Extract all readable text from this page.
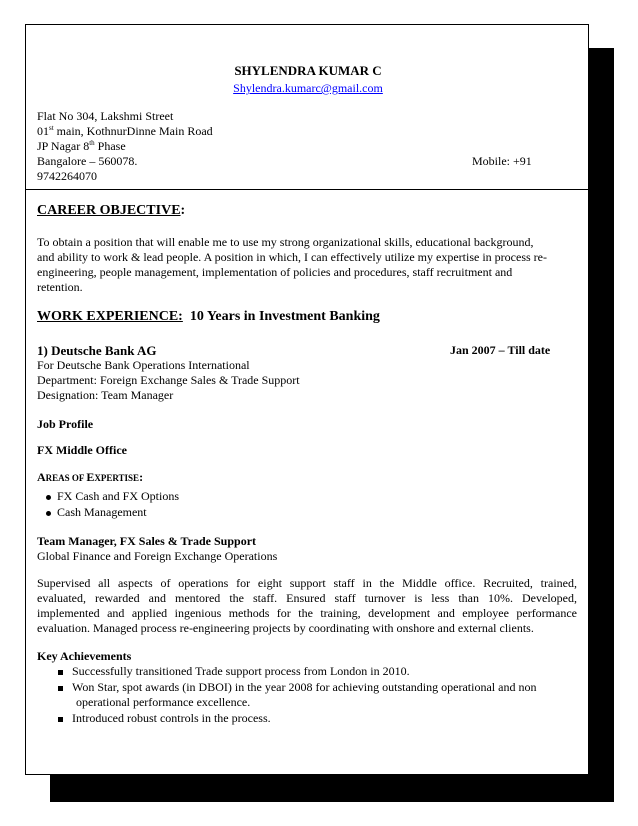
SHYLENDRA KUMAR C
Shylendra.kumarc@gmail.com
Flat No 304, Lakshmi Street
01st main, KothnurDinne Main Road
JP Nagar 8th Phase
Bangalore – 560078.	Mobile: +91
9742264070
CAREER OBJECTIVE:
To obtain a position that will enable me to use my strong organizational skills, educational background,
and ability to work & lead people. A position in which, I can effectively utilize my expertise in process re-
engineering, people management, implementation of policies and procedures, staff recruitment and
retention.
WORK EXPERIENCE: 10 Years in Investment Banking
1) Deutsche Bank AG	Jan 2007 – Till date
For Deutsche Bank Operations International
Department: Foreign Exchange Sales & Trade Support
Designation: Team Manager
Job Profile
FX Middle Office
AREAS OF EXPERTISE:
FX Cash and FX Options
Cash Management
Team Manager, FX Sales & Trade Support
Global Finance and Foreign Exchange Operations
Supervised all aspects of operations for eight support staff in the Middle office. Recruited, trained,
evaluated, rewarded and mentored the staff. Ensured staff turnover is less than 10%. Developed,
implemented and applied ingenious methods for the training, development and employee performance
evaluation. Managed process re-engineering projects by coordinating with onshore and external clients.
Key Achievements
Successfully transitioned Trade support process from London in 2010.
Won Star, spot awards (in DBOI) in the year 2008 for achieving outstanding operational and non
operational performance excellence.
Introduced robust controls in the process.
